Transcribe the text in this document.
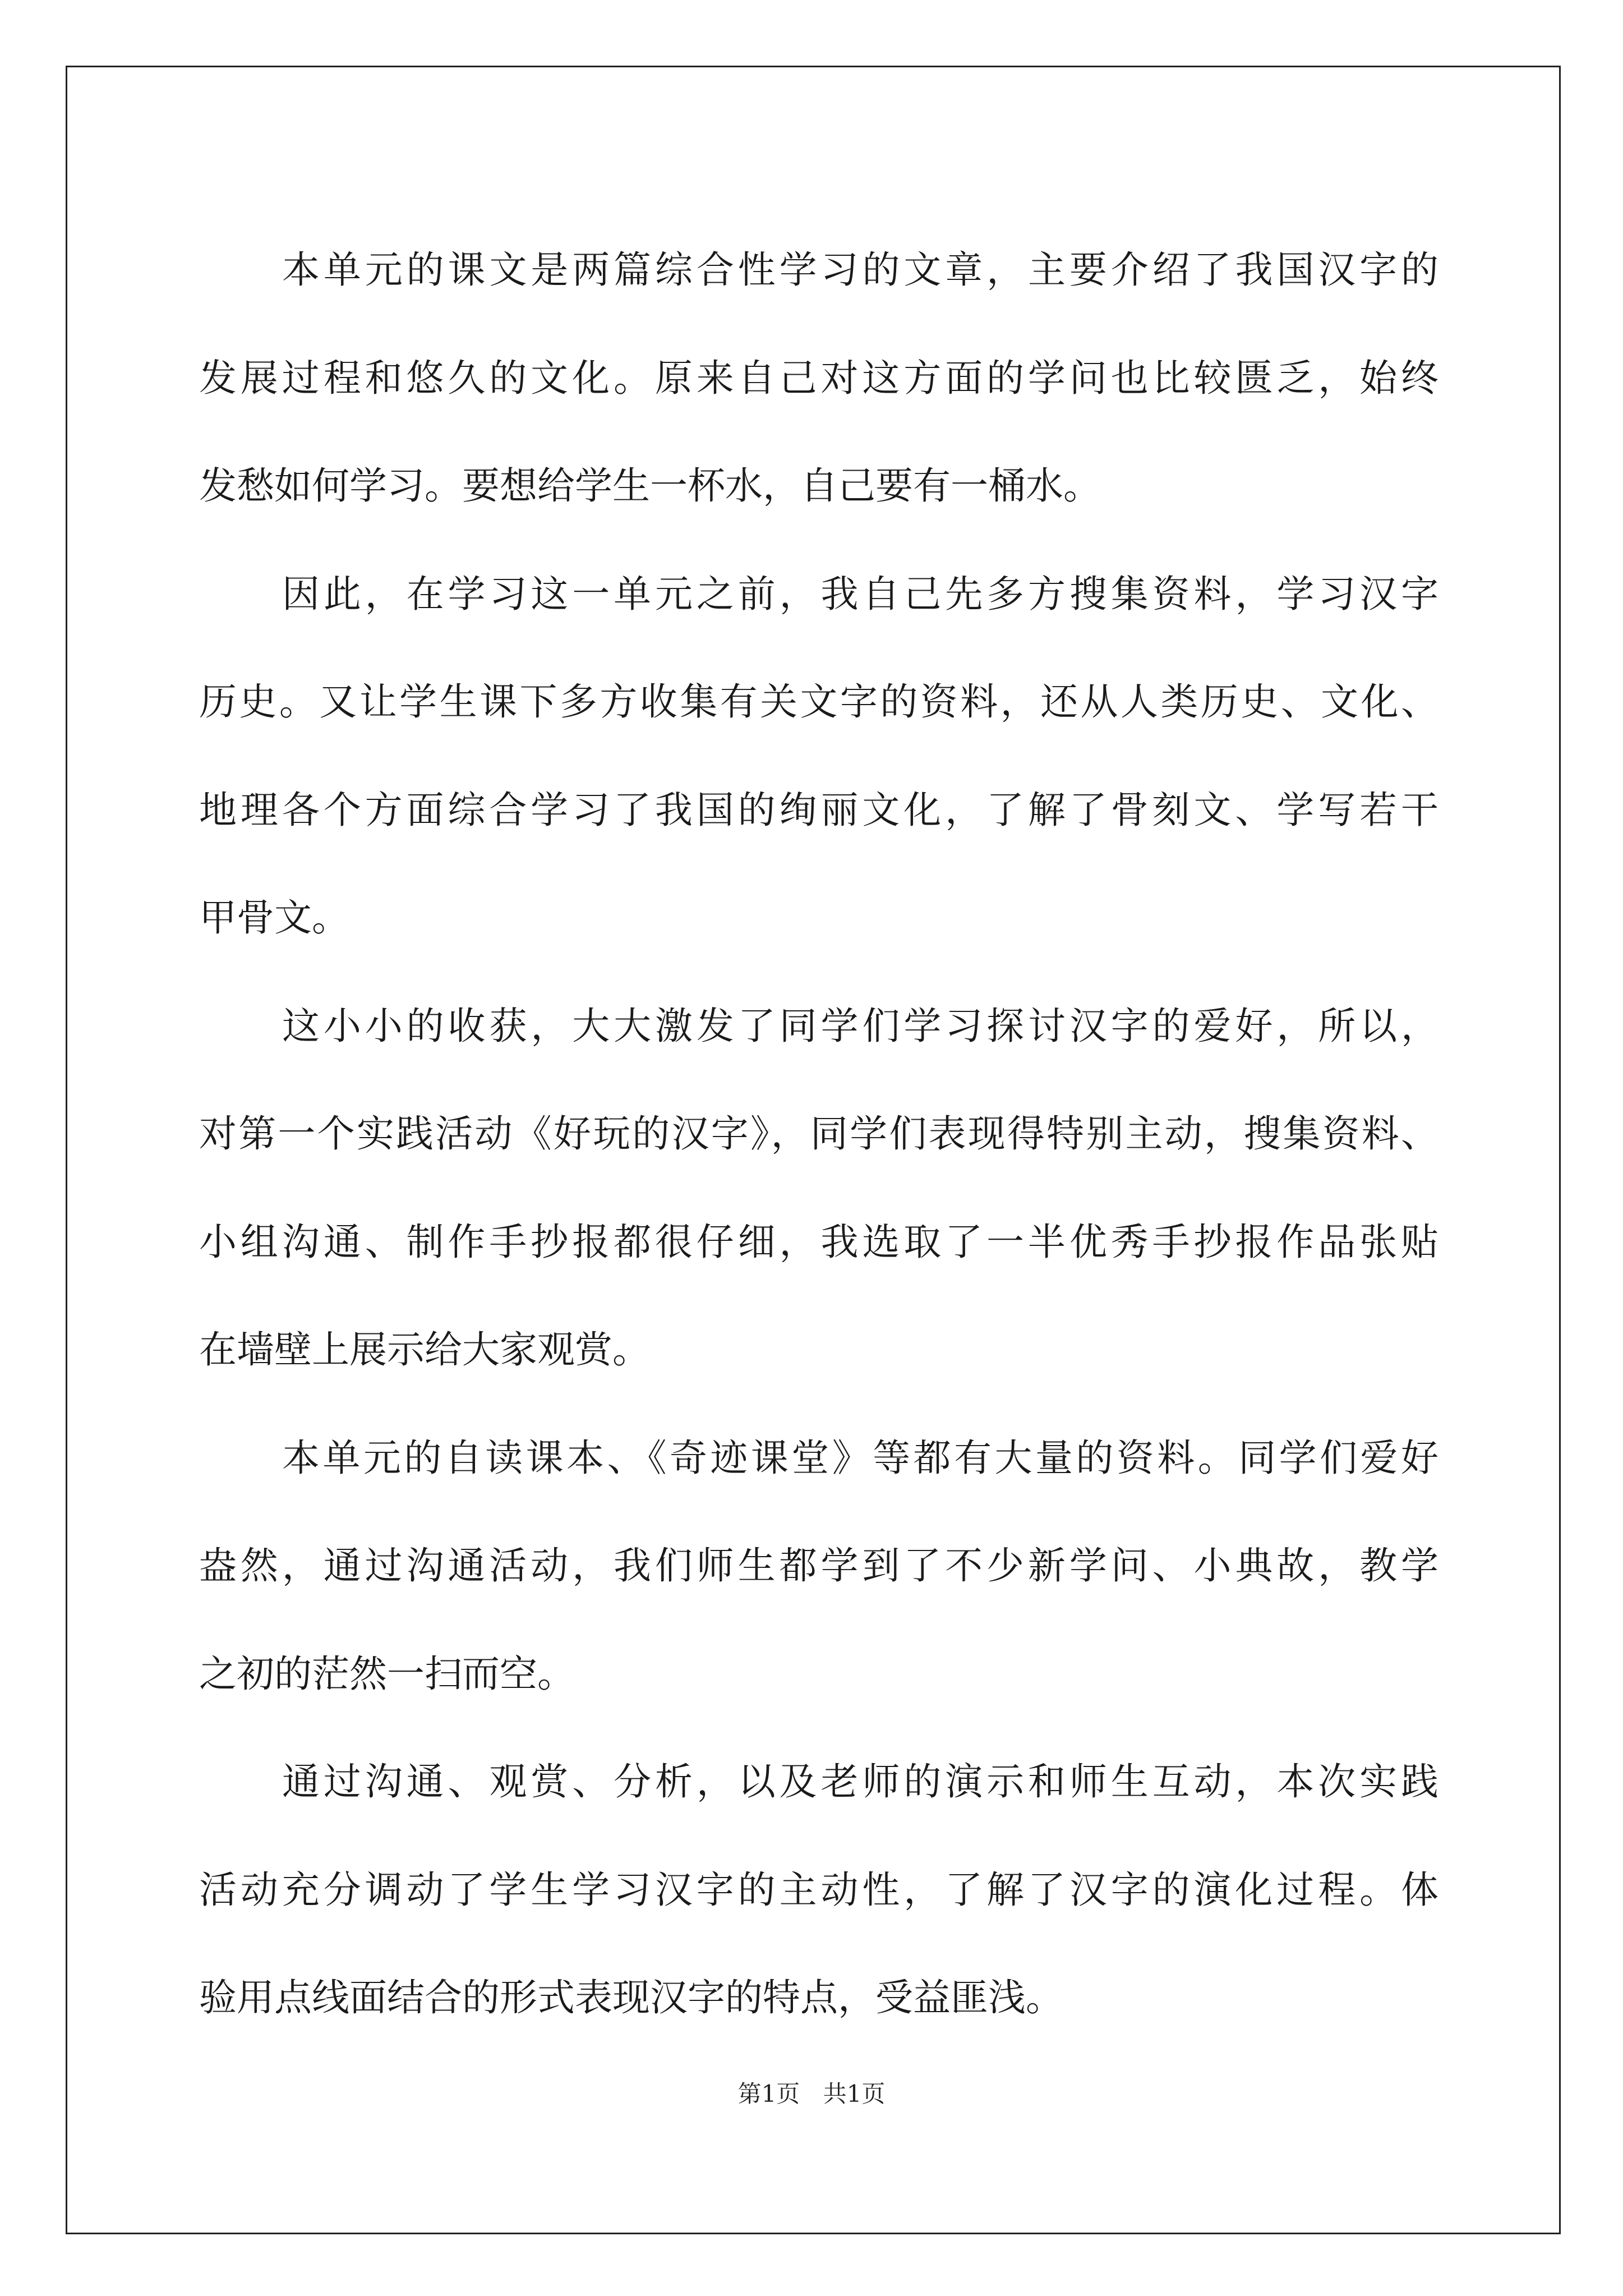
本单元的课文是两篇综合性学习的文章，主要介绍了我国汉字的
发展过程和悠久的文化。原来自己对这方面的学问也比较匮乏，始终
发愁如何学习。要想给学生一杯水，自己要有一桶水。
因此，在学习这一单元之前，我自己先多方搜集资料，学习汉字
历史。又让学生课下多方收集有关文字的资料，还从人类历史、文化、
地理各个方面综合学习了我国的绚丽文化，了解了骨刻文、学写若干
甲骨文。
这小小的收获，大大激发了同学们学习探讨汉字的爱好，所以，
对第一个实践活动《好玩的汉字》，同学们表现得特别主动，搜集资料、
小组沟通、制作手抄报都很仔细，我选取了一半优秀手抄报作品张贴
在墙壁上展示给大家观赏。
本单元的自读课本、《奇迹课堂》等都有大量的资料。同学们爱好
盎然，通过沟通活动，我们师生都学到了不少新学问、小典故，教学
之初的茫然一扫而空。
通过沟通、观赏、分析，以及老师的演示和师生互动，本次实践
活动充分调动了学生学习汉字的主动性，了解了汉字的演化过程。体
验用点线面结合的形式表现汉字的特点，受益匪浅。
第1页 共1页
